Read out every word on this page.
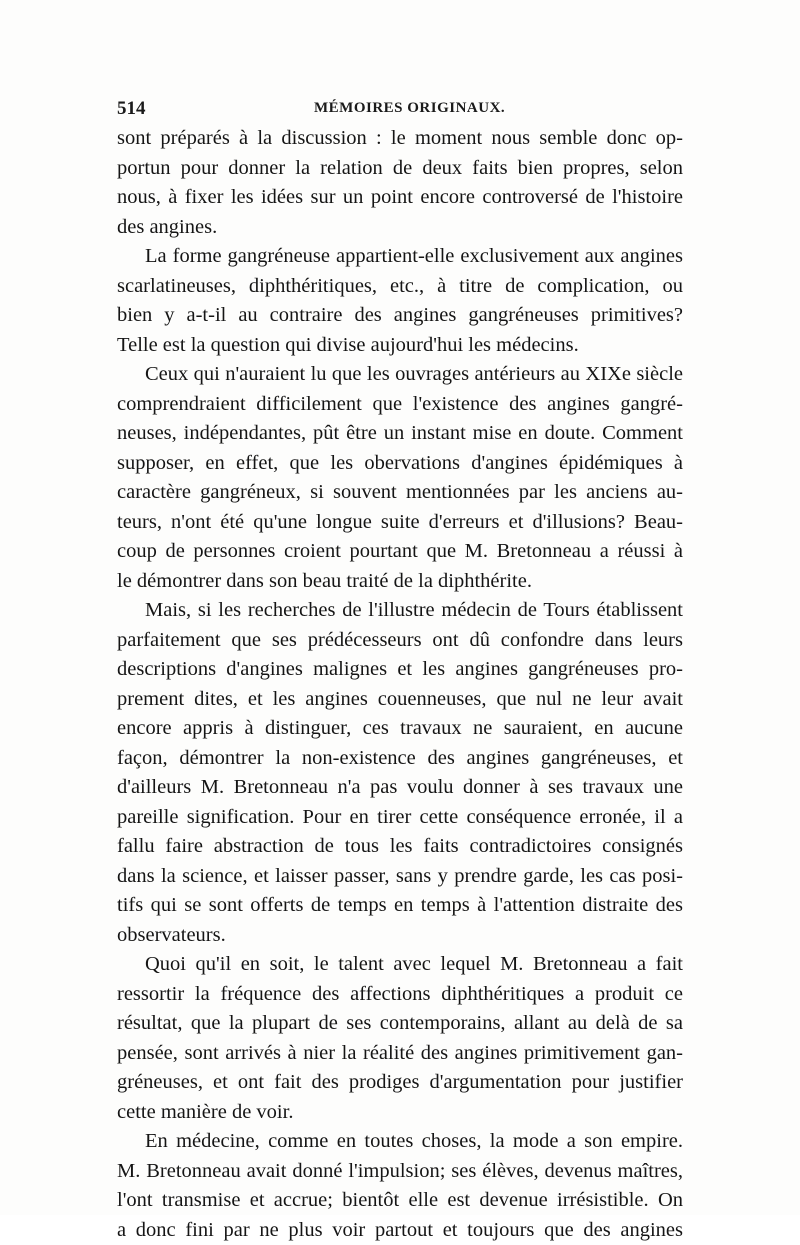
514	MÉMOIRES ORIGINAUX.
sont préparés à la discussion : le moment nous semble donc op-
portun pour donner la relation de deux faits bien propres, selon
nous, à fixer les idées sur un point encore controversé de l'histoire
des angines.
La forme gangréneuse appartient-elle exclusivement aux angines
scarlatineuses, diphthéritiques, etc., à titre de complication, ou
bien y a-t-il au contraire des angines gangréneuses primitives?
Telle est la question qui divise aujourd'hui les médecins.
Ceux qui n'auraient lu que les ouvrages antérieurs au XIXe siècle
comprendraient difficilement que l'existence des angines gangré-
neuses, indépendantes, pût être un instant mise en doute. Comment
supposer, en effet, que les obervations d'angines épidémiques à
caractère gangréneux, si souvent mentionnées par les anciens au-
teurs, n'ont été qu'une longue suite d'erreurs et d'illusions? Beau-
coup de personnes croient pourtant que M. Bretonneau a réussi à
le démontrer dans son beau traité de la diphthérite.
Mais, si les recherches de l'illustre médecin de Tours établissent
parfaitement que ses prédécesseurs ont dû confondre dans leurs
descriptions d'angines malignes et les angines gangréneuses pro-
prement dites, et les angines couenneuses, que nul ne leur avait
encore appris à distinguer, ces travaux ne sauraient, en aucune
façon, démontrer la non-existence des angines gangréneuses, et
d'ailleurs M. Bretonneau n'a pas voulu donner à ses travaux une
pareille signification. Pour en tirer cette conséquence erronée, il a
fallu faire abstraction de tous les faits contradictoires consignés
dans la science, et laisser passer, sans y prendre garde, les cas posi-
tifs qui se sont offerts de temps en temps à l'attention distraite des
observateurs.
Quoi qu'il en soit, le talent avec lequel M. Bretonneau a fait
ressortir la fréquence des affections diphthéritiques a produit ce
résultat, que la plupart de ses contemporains, allant au delà de sa
pensée, sont arrivés à nier la réalité des angines primitivement gan-
gréneuses, et ont fait des prodiges d'argumentation pour justifier
cette manière de voir.
En médecine, comme en toutes choses, la mode a son empire.
M. Bretonneau avait donné l'impulsion; ses élèves, devenus maîtres,
l'ont transmise et accrue; bientôt elle est devenue irrésistible. On
a donc fini par ne plus voir partout et toujours que des angines
